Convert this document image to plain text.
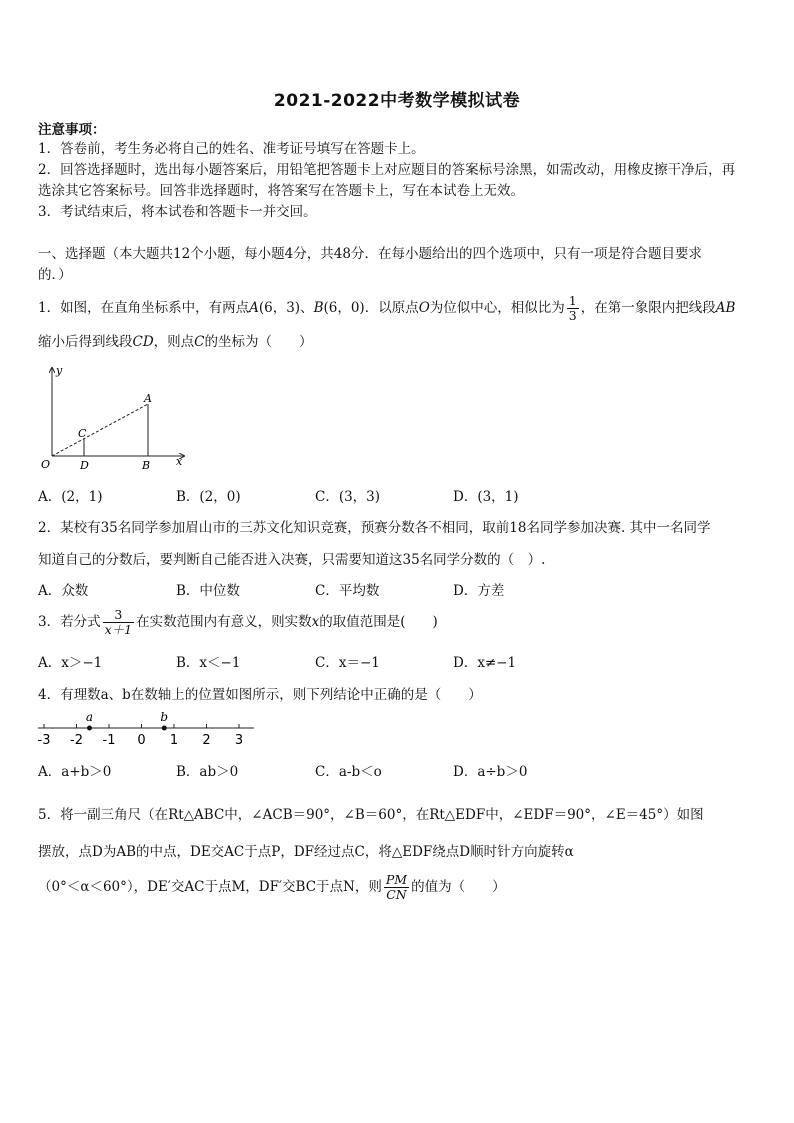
2021-2022中考数学模拟试卷
注意事项：
1．答卷前，考生务必将自己的姓名、准考证号填写在答题卡上。
2．回答选择题时，选出每小题答案后，用铅笔把答题卡上对应题目的答案标号涂黑，如需改动，用橡皮擦干净后，再
选涂其它答案标号。回答非选择题时，将答案写在答题卡上，写在本试卷上无效。
3．考试结束后，将本试卷和答题卡一并交回。
一、选择题（本大题共12个小题，每小题4分，共48分．在每小题给出的四个选项中，只有一项是符合题目要求
的．）
1．如图，在直角坐标系中，有两点A(6，3)、B(6，0)．以原点O为位似中心，相似比为 $\frac{1}{3}$ ，在第一象限内把线段AB
缩小后得到线段CD，则点C的坐标为（　　）
y
x
O
A
B
C
D
A．(2，1)	B．(2，0)	C．(3，3)	D．(3，1)
2．某校有35名同学参加眉山市的三苏文化知识竞赛，预赛分数各不相同，取前18名同学参加决赛. 其中一名同学
知道自己的分数后，要判断自己能否进入决赛，只需要知道这35名同学分数的（　）.
A．众数	B．中位数	C．平均数	D．方差
3．若分式 $\frac{3}{x+1}$ 在实数范围内有意义，则实数x的取值范围是(　　)
A．x＞−1	B．x＜−1	C．x＝−1	D．x≠−1
4．有理数a、b在数轴上的位置如图所示，则下列结论中正确的是（　　）
-3 -2 -1 0 1 2 3
a	b
A．a+b＞0	B．ab＞0	C．a-b＜o	D．a÷b＞0
5．将一副三角尺（在Rt△ABC中，∠ACB＝90°，∠B＝60°，在Rt△EDF中，∠EDF＝90°，∠E＝45°）如图
摆放，点D为AB的中点，DE交AC于点P，DF经过点C，将△EDF绕点D顺时针方向旋转α
（0°＜α＜60°），DE′交AC于点M，DF′交BC于点N，则 $\frac{PM}{CN}$ 的值为（　　）
